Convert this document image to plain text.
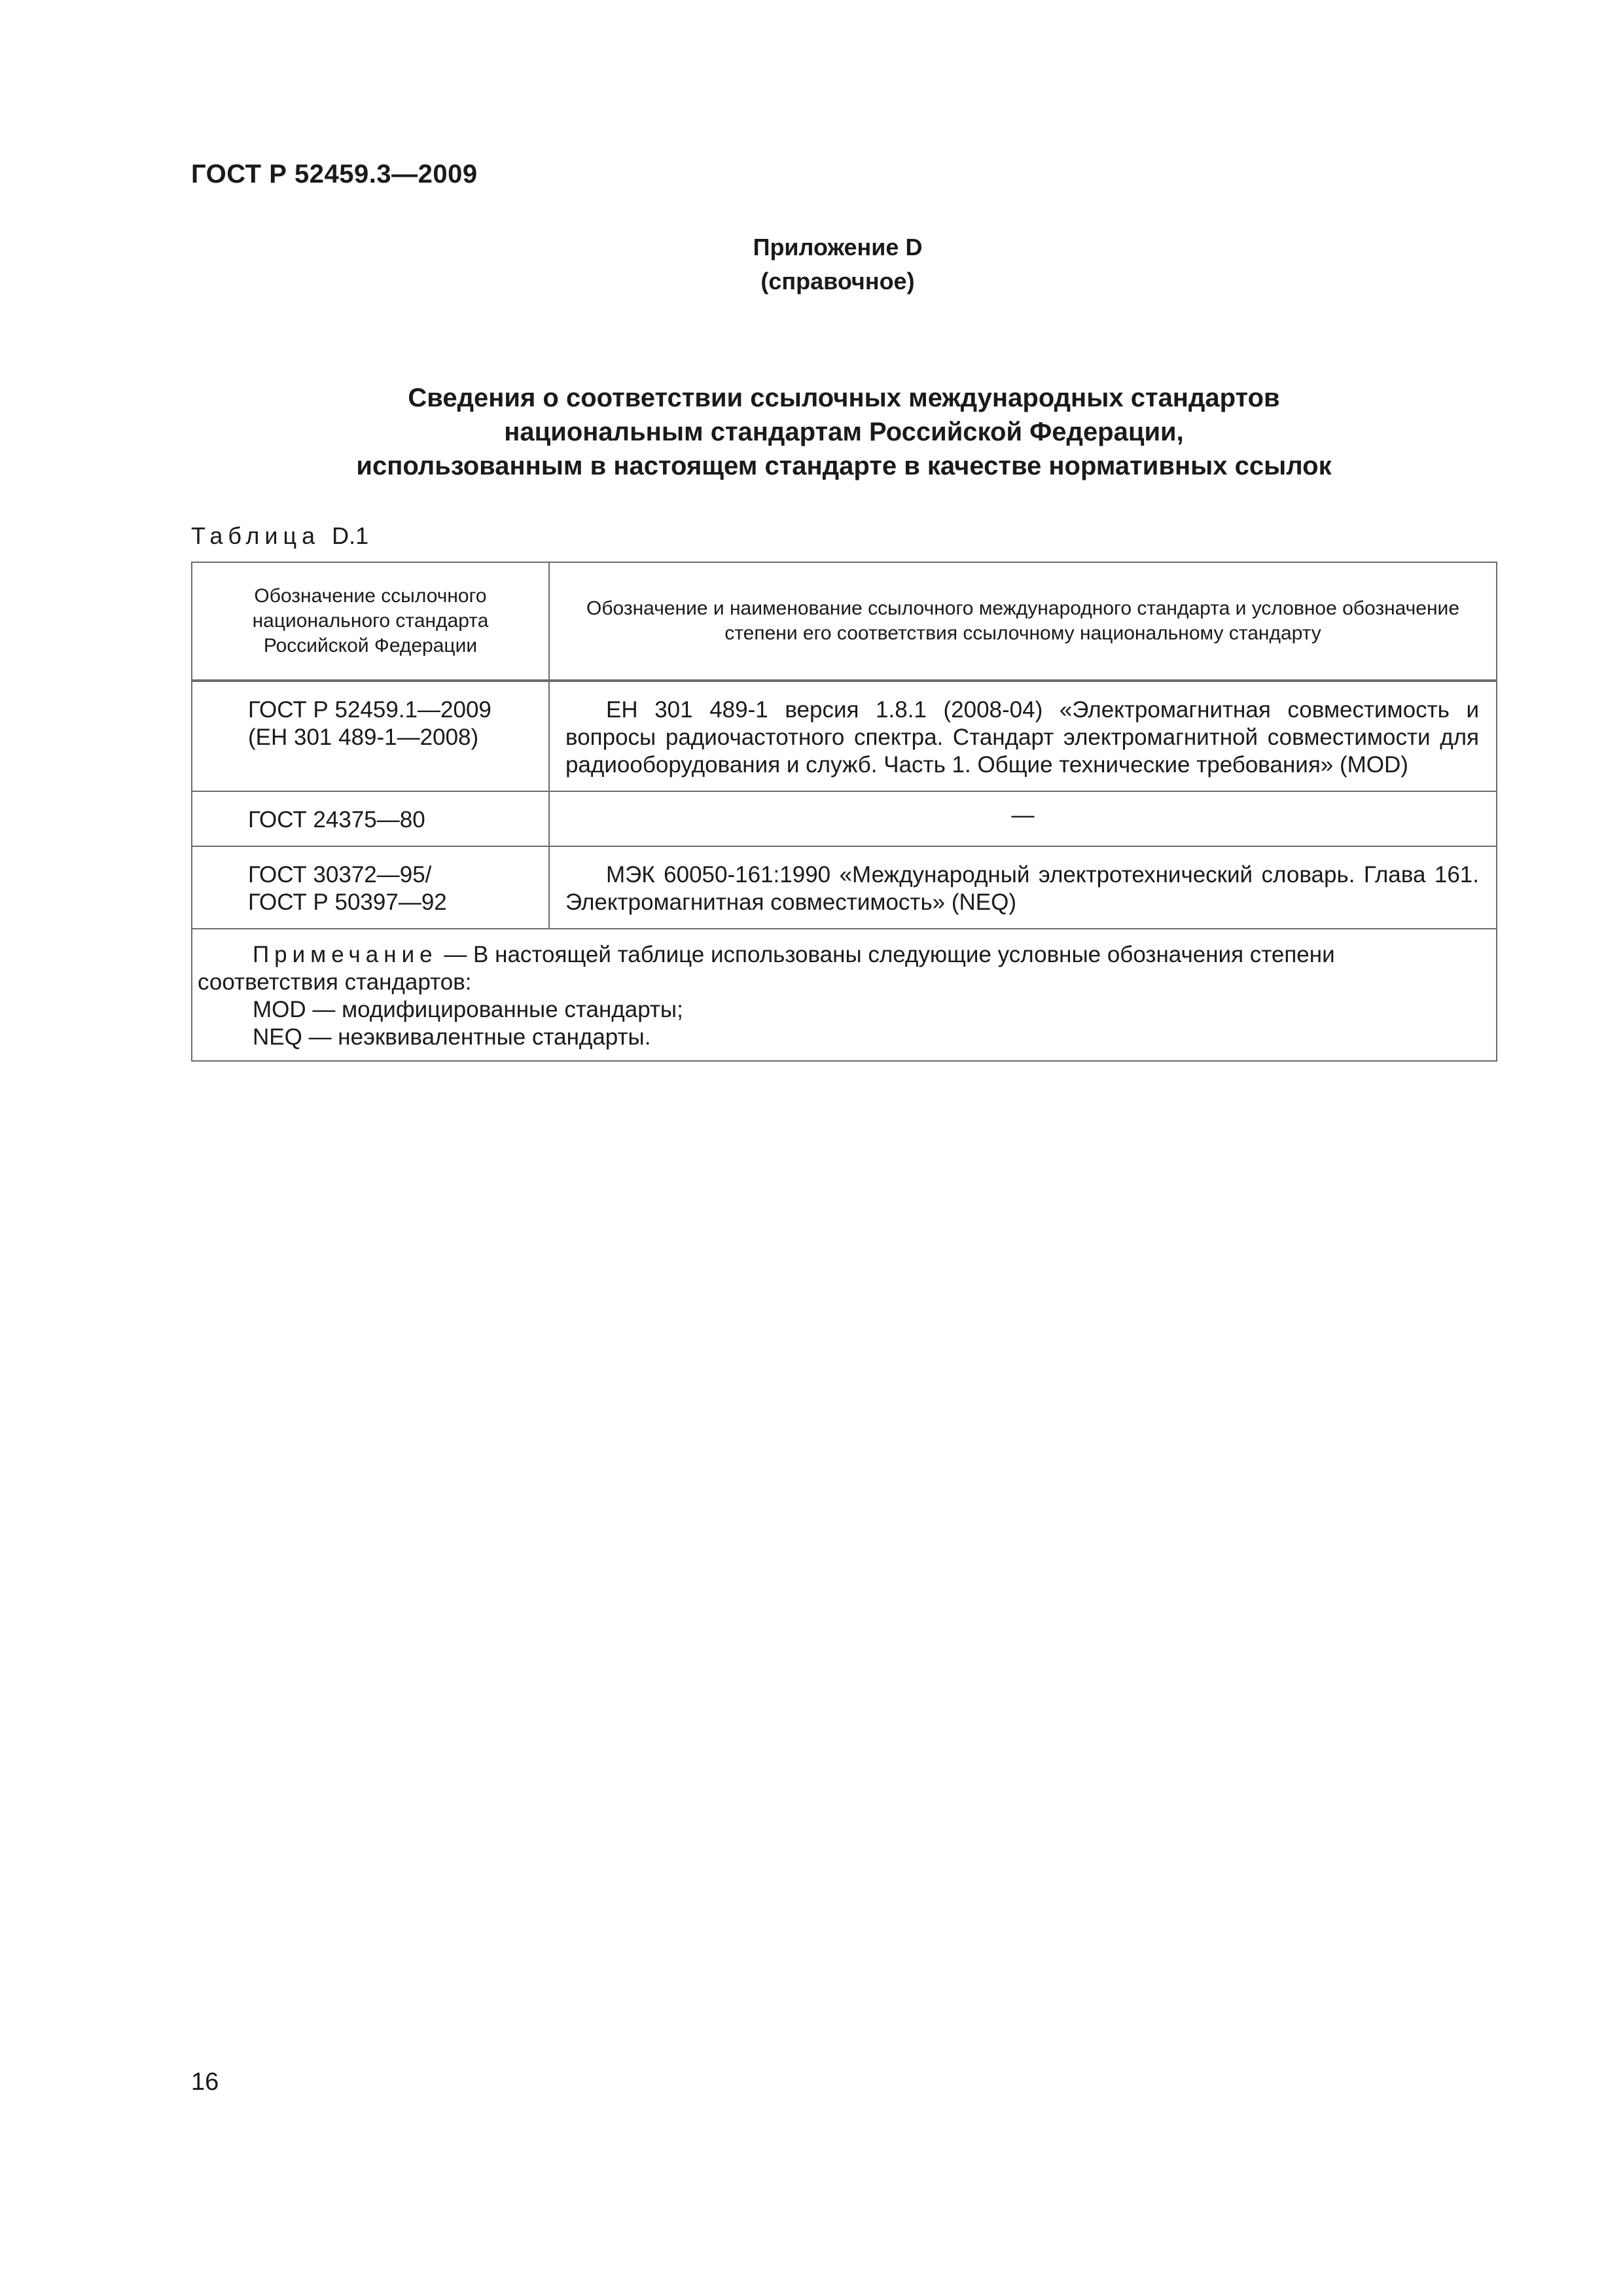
ГОСТ Р 52459.3—2009
Приложение D
(справочное)
Сведения о соответствии ссылочных международных стандартов
национальным стандартам Российской Федерации,
использованным в настоящем стандарте в качестве нормативных ссылок
Таблица D.1
Обозначение ссылочного национального стандарта Российской Федерации	Обозначение и наименование ссылочного международного стандарта и условное обозначение степени его соответствия ссылочному национальному стандарту

ГОСТ Р 52459.1—2009
(ЕН 301 489-1—2008)	ЕН 301 489-1 версия 1.8.1 (2008-04) «Электромагнитная совместимость и вопросы радиочастотного спектра. Стандарт электромагнитной совместимости для радиооборудования и служб. Часть 1. Общие технические требования» (MOD)

ГОСТ 24375—80	—

ГОСТ 30372—95/
ГОСТ Р 50397—92	МЭК 60050-161:1990 «Международный электротехнический словарь. Глава 161. Электромагнитная совместимость» (NEQ)

Примечание — В настоящей таблице использованы следующие условные обозначения степени соответствия стандартов:
MOD — модифицированные стандарты;
NEQ — неэквивалентные стандарты.	
16
